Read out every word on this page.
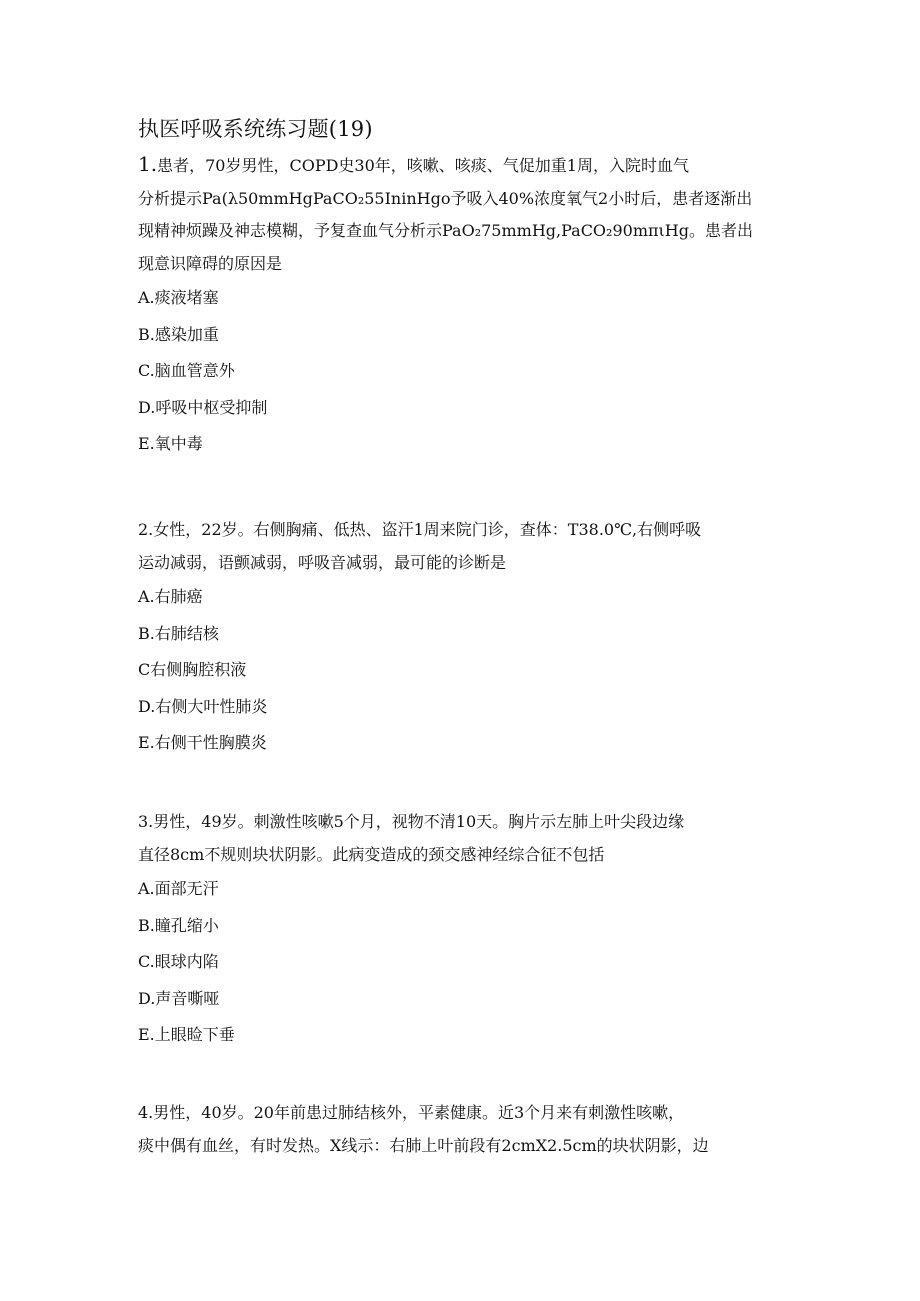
执医呼吸系统练习题(19)

1.患者，70岁男性，COPD史30年，咳嗽、咳痰、气促加重1周，入院时血气
分析提示Pa(λ50mmHgPaCO₂55IninHgo予吸入40%浓度氧气2小时后，患者逐渐出
现精神烦躁及神志模糊，予复查血气分析示PaO₂75mmHg,PaCO₂90mπιHg。患者出
现意识障碍的原因是

A.痰液堵塞
B.感染加重
C.脑血管意外
D.呼吸中枢受抑制
E.氧中毒

2.女性，22岁。右侧胸痛、低热、盗汗1周来院门诊，查体：T38.0℃,右侧呼吸
运动减弱，语颤减弱，呼吸音减弱，最可能的诊断是

A.右肺癌
B.右肺结核
C右侧胸腔积液
D.右侧大叶性肺炎
E.右侧干性胸膜炎

3.男性，49岁。刺激性咳嗽5个月，视物不清10天。胸片示左肺上叶尖段边缘
直径8cm不规则块状阴影。此病变造成的颈交感神经综合征不包括

A.面部无汗
B.瞳孔缩小
C.眼球内陷
D.声音嘶哑
E.上眼睑下垂

4.男性，40岁。20年前患过肺结核外，平素健康。近3个月来有刺激性咳嗽，
痰中偶有血丝，有时发热。X线示：右肺上叶前段有2cmX2.5cm的块状阴影，边
